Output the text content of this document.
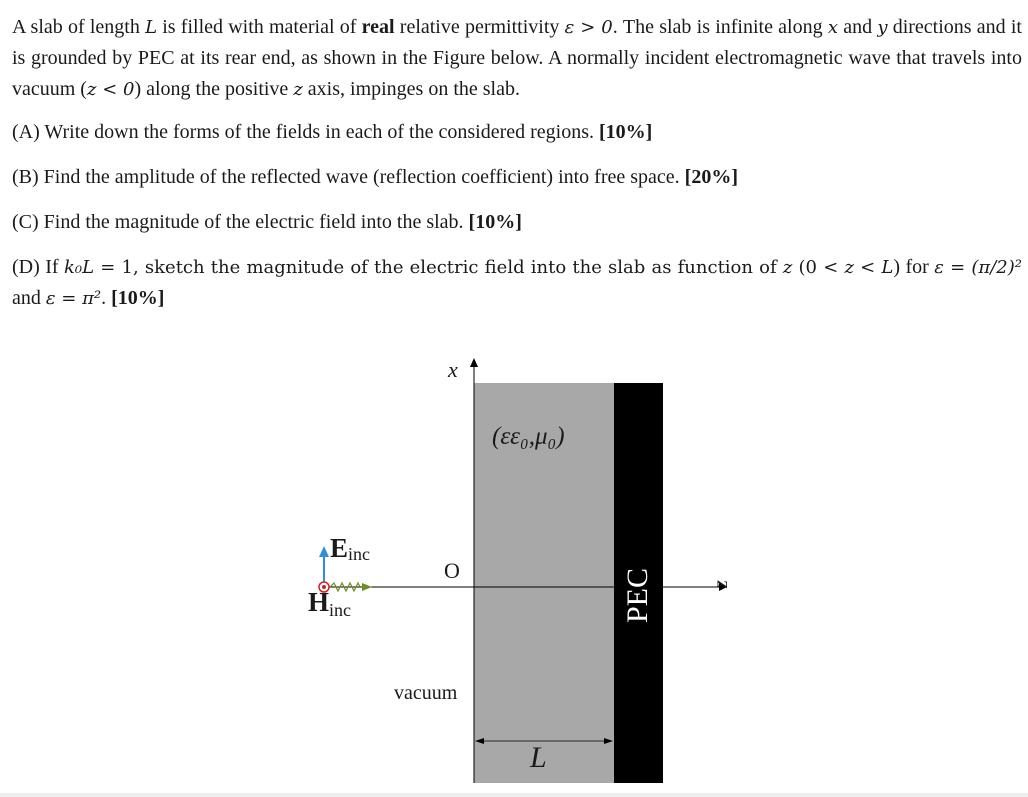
A slab of length L is filled with material of real relative permittivity ε > 0. The slab is infinite along x and y directions and it is grounded by PEC at its rear end, as shown in the Figure below. A normally incident electromagnetic wave that travels into vacuum (z < 0) along the positive z axis, impinges on the slab.

(A) Write down the forms of the fields in each of the considered regions. [10%]

(B) Find the amplitude of the reflected wave (reflection coefficient) into free space. [20%]

(C) Find the magnitude of the electric field into the slab. [10%]

(D) If k₀L = 1, sketch the magnitude of the electric field into the slab as function of z (0 < z < L) for ε = (π/2)² and ε = π². [10%]

x
(εε₀,μ₀)
O	PEC	z
vacuum
L
Einc
Hinc
